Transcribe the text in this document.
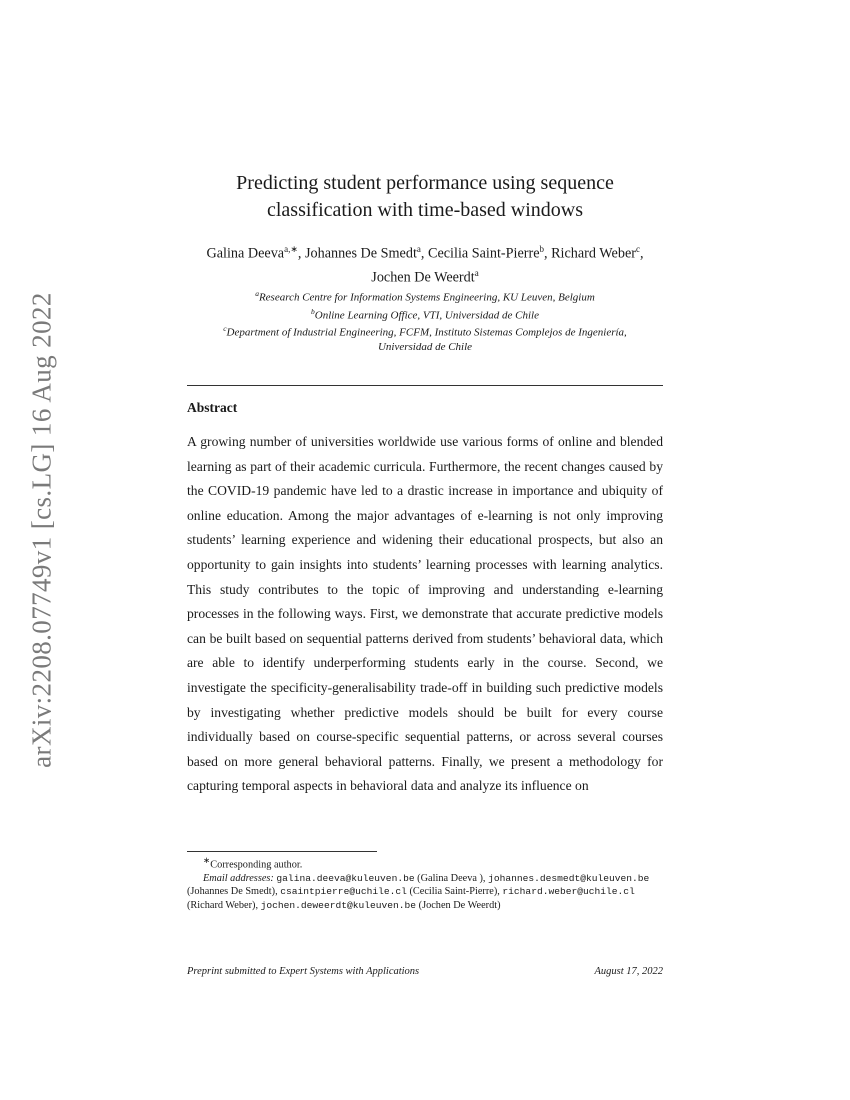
arXiv:2208.07749v1 [cs.LG] 16 Aug 2022
Predicting student performance using sequence
classification with time-based windows
Galina Deeva$^{a,∗}$, Johannes De Smedt$^a$, Cecilia Saint-Pierre$^b$, Richard Weber$^c$,
Jochen De Weerdt$^a$
$^a$Research Centre for Information Systems Engineering, KU Leuven, Belgium
$^b$Online Learning Office, VTI, Universidad de Chile
$^c$Department of Industrial Engineering, FCFM, Instituto Sistemas Complejos de Ingeniería,
Universidad de Chile
Abstract
A growing number of universities worldwide use various forms of online and blended learning as part of their academic curricula. Furthermore, the recent changes caused by the COVID-19 pandemic have led to a drastic increase in importance and ubiquity of online education. Among the major advantages of e-learning is not only improving students’ learning experience and widening their educational prospects, but also an opportunity to gain insights into students’ learning processes with learning analytics. This study contributes to the topic of improving and understanding e-learning processes in the following ways. First, we demonstrate that accurate predictive models can be built based on sequential patterns derived from students’ behavioral data, which are able to identify underperforming students early in the course. Second, we investigate the specificity-generalisability trade-off in building such predictive models by investigating whether predictive models should be built for every course individually based on course-specific sequential patterns, or across several courses based on more general behavioral patterns. Finally, we present a methodology for capturing temporal aspects in behavioral data and analyze its influence on
∗Corresponding author.
Email addresses: galina.deeva@kuleuven.be (Galina Deeva ), johannes.desmedt@kuleuven.be (Johannes De Smedt), csaintpierre@uchile.cl (Cecilia Saint-Pierre), richard.weber@uchile.cl (Richard Weber), jochen.deweerdt@kuleuven.be (Jochen De Weerdt)
Preprint submitted to Expert Systems with Applications	August 17, 2022
